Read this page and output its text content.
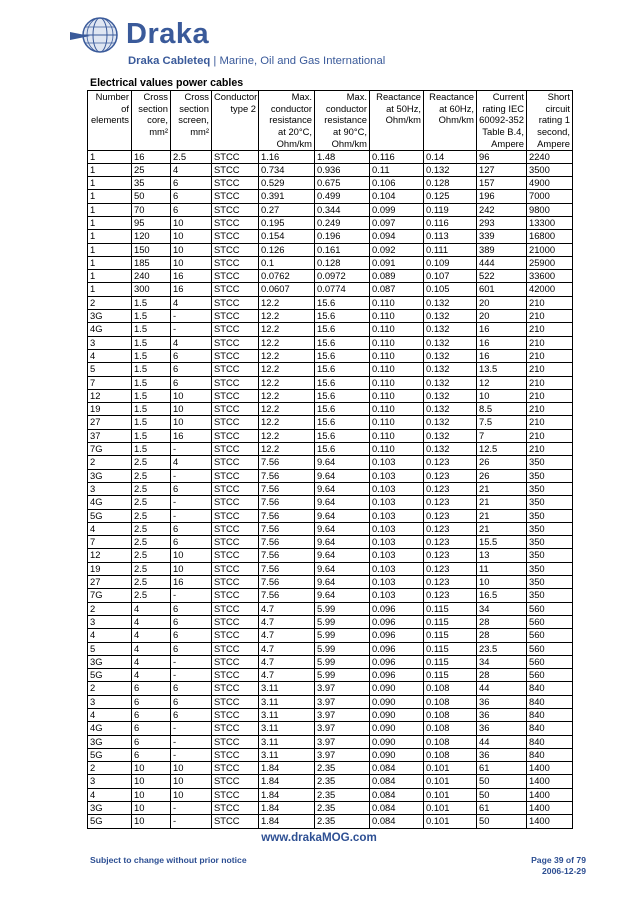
Draka
Draka Cableteq | Marine, Oil and Gas International
Electrical values power cables
Number
of
elements	Cross
section
core,
mm²	Cross
section
screen,
mm²	Conductor
type 2	Max.
conductor
resistance
at 20°C,
Ohm/km	Max.
conductor
resistance
at 90°C,
Ohm/km	Reactance
at 50Hz,
Ohm/km	Reactance
at 60Hz,
Ohm/km	Current rating IEC 60092-352 Table B.4, Ampere	Short
circuit
rating 1
second,
Ampere
1	16	2.5	STCC	1.16	1.48	0.116	0.14	96	2240
1	25	4	STCC	0.734	0.936	0.11	0.132	127	3500
1	35	6	STCC	0.529	0.675	0.106	0.128	157	4900
1	50	6	STCC	0.391	0.499	0.104	0.125	196	7000
1	70	6	STCC	0.27	0.344	0.099	0.119	242	9800
1	95	10	STCC	0.195	0.249	0.097	0.116	293	13300
1	120	10	STCC	0.154	0.196	0.094	0.113	339	16800
1	150	10	STCC	0.126	0.161	0.092	0.111	389	21000
1	185	10	STCC	0.1	0.128	0.091	0.109	444	25900
1	240	16	STCC	0.0762	0.0972	0.089	0.107	522	33600
1	300	16	STCC	0.0607	0.0774	0.087	0.105	601	42000
2	1.5	4	STCC	12.2	15.6	0.110	0.132	20	210
3G	1.5	-	STCC	12.2	15.6	0.110	0.132	20	210
4G	1.5	-	STCC	12.2	15.6	0.110	0.132	16	210
3	1.5	4	STCC	12.2	15.6	0.110	0.132	16	210
4	1.5	6	STCC	12.2	15.6	0.110	0.132	16	210
5	1.5	6	STCC	12.2	15.6	0.110	0.132	13.5	210
7	1.5	6	STCC	12.2	15.6	0.110	0.132	12	210
12	1.5	10	STCC	12.2	15.6	0.110	0.132	10	210
19	1.5	10	STCC	12.2	15.6	0.110	0.132	8.5	210
27	1.5	10	STCC	12.2	15.6	0.110	0.132	7.5	210
37	1.5	16	STCC	12.2	15.6	0.110	0.132	7	210
7G	1.5	-	STCC	12.2	15.6	0.110	0.132	12.5	210
2	2.5	4	STCC	7.56	9.64	0.103	0.123	26	350
3G	2.5	-	STCC	7.56	9.64	0.103	0.123	26	350
3	2.5	6	STCC	7.56	9.64	0.103	0.123	21	350
4G	2.5	-	STCC	7.56	9.64	0.103	0.123	21	350
5G	2.5	-	STCC	7.56	9.64	0.103	0.123	21	350
4	2.5	6	STCC	7.56	9.64	0.103	0.123	21	350
7	2.5	6	STCC	7.56	9.64	0.103	0.123	15.5	350
12	2.5	10	STCC	7.56	9.64	0.103	0.123	13	350
19	2.5	10	STCC	7.56	9.64	0.103	0.123	11	350
27	2.5	16	STCC	7.56	9.64	0.103	0.123	10	350
7G	2.5	-	STCC	7.56	9.64	0.103	0.123	16.5	350
2	4	6	STCC	4.7	5.99	0.096	0.115	34	560
3	4	6	STCC	4.7	5.99	0.096	0.115	28	560
4	4	6	STCC	4.7	5.99	0.096	0.115	28	560
5	4	6	STCC	4.7	5.99	0.096	0.115	23.5	560
3G	4	-	STCC	4.7	5.99	0.096	0.115	34	560
5G	4	-	STCC	4.7	5.99	0.096	0.115	28	560
2	6	6	STCC	3.11	3.97	0.090	0.108	44	840
3	6	6	STCC	3.11	3.97	0.090	0.108	36	840
4	6	6	STCC	3.11	3.97	0.090	0.108	36	840
4G	6	-	STCC	3.11	3.97	0.090	0.108	36	840
3G	6	-	STCC	3.11	3.97	0.090	0.108	44	840
5G	6	-	STCC	3.11	3.97	0.090	0.108	36	840
2	10	10	STCC	1.84	2.35	0.084	0.101	61	1400
3	10	10	STCC	1.84	2.35	0.084	0.101	50	1400
4	10	10	STCC	1.84	2.35	0.084	0.101	50	1400
3G	10	-	STCC	1.84	2.35	0.084	0.101	61	1400
5G	10	-	STCC	1.84	2.35	0.084	0.101	50	1400
www.drakaMOG.com
Subject to change without prior notice	Page 39 of 79
2006-12-29
